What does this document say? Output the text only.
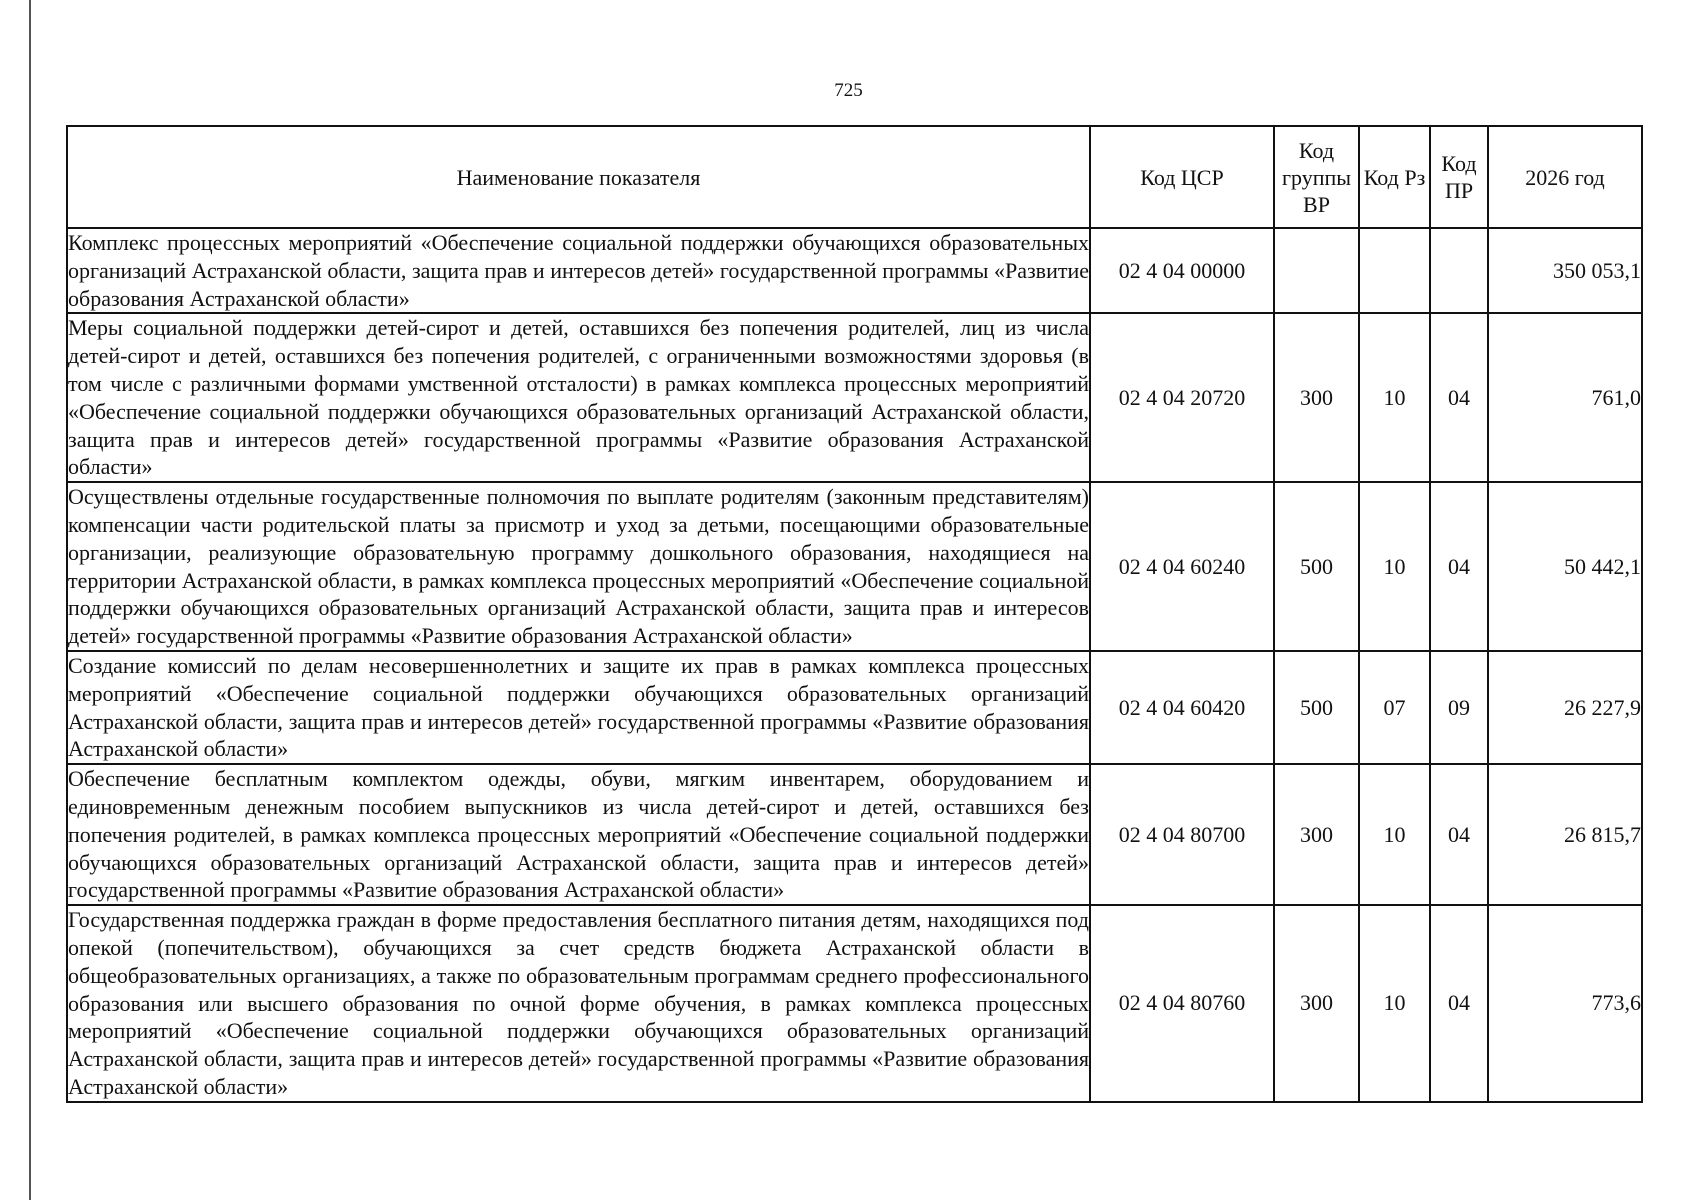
725
Наименование показателя	Код ЦСР	Код группы ВР	Код Рз	Код ПР	2026 год
Комплекс процессных мероприятий «Обеспечение социальной поддержки обучающихся образовательных организаций Астраханской области, защита прав и интересов детей» государственной программы «Развитие образования Астраханской области»	02 4 04 00000				350 053,1
Меры социальной поддержки детей-сирот и детей, оставшихся без попечения родителей, лиц из числа детей-сирот и детей, оставшихся без попечения родителей, с ограниченными возможностями здоровья (в том числе с различными формами умственной отсталости) в рамках комплекса процессных мероприятий «Обеспечение социальной поддержки обучающихся образовательных организаций Астраханской области, защита прав и интересов детей» государственной программы «Развитие образования Астраханской области»	02 4 04 20720	300	10	04	761,0
Осуществлены отдельные государственные полномочия по выплате родителям (законным представителям) компенсации части родительской платы за присмотр и уход за детьми, посещающими образовательные организации, реализующие образовательную программу дошкольного образования, находящиеся на территории Астраханской области, в рамках комплекса процессных мероприятий «Обеспечение социальной поддержки обучающихся образовательных организаций Астраханской области, защита прав и интересов детей» государственной программы «Развитие образования Астраханской области»	02 4 04 60240	500	10	04	50 442,1
Создание комиссий по делам несовершеннолетних и защите их прав в рамках комплекса процессных мероприятий «Обеспечение социальной поддержки обучающихся образовательных организаций Астраханской области, защита прав и интересов детей» государственной программы «Развитие образования Астраханской области»	02 4 04 60420	500	07	09	26 227,9
Обеспечение бесплатным комплектом одежды, обуви, мягким инвентарем, оборудованием и единовременным денежным пособием выпускников из числа детей-сирот и детей, оставшихся без попечения родителей, в рамках комплекса процессных мероприятий «Обеспечение социальной поддержки обучающихся образовательных организаций Астраханской области, защита прав и интересов детей» государственной программы «Развитие образования Астраханской области»	02 4 04 80700	300	10	04	26 815,7
Государственная поддержка граждан в форме предоставления бесплатного питания детям, находящихся под опекой (попечительством), обучающихся за счет средств бюджета Астраханской области в общеобразовательных организациях, а также по образовательным программам среднего профессионального образования или высшего образования по очной форме обучения, в рамках комплекса процессных мероприятий «Обеспечение социальной поддержки обучающихся образовательных организаций Астраханской области, защита прав и интересов детей» государственной программы «Развитие образования Астраханской области»	02 4 04 80760	300	10	04	773,6
